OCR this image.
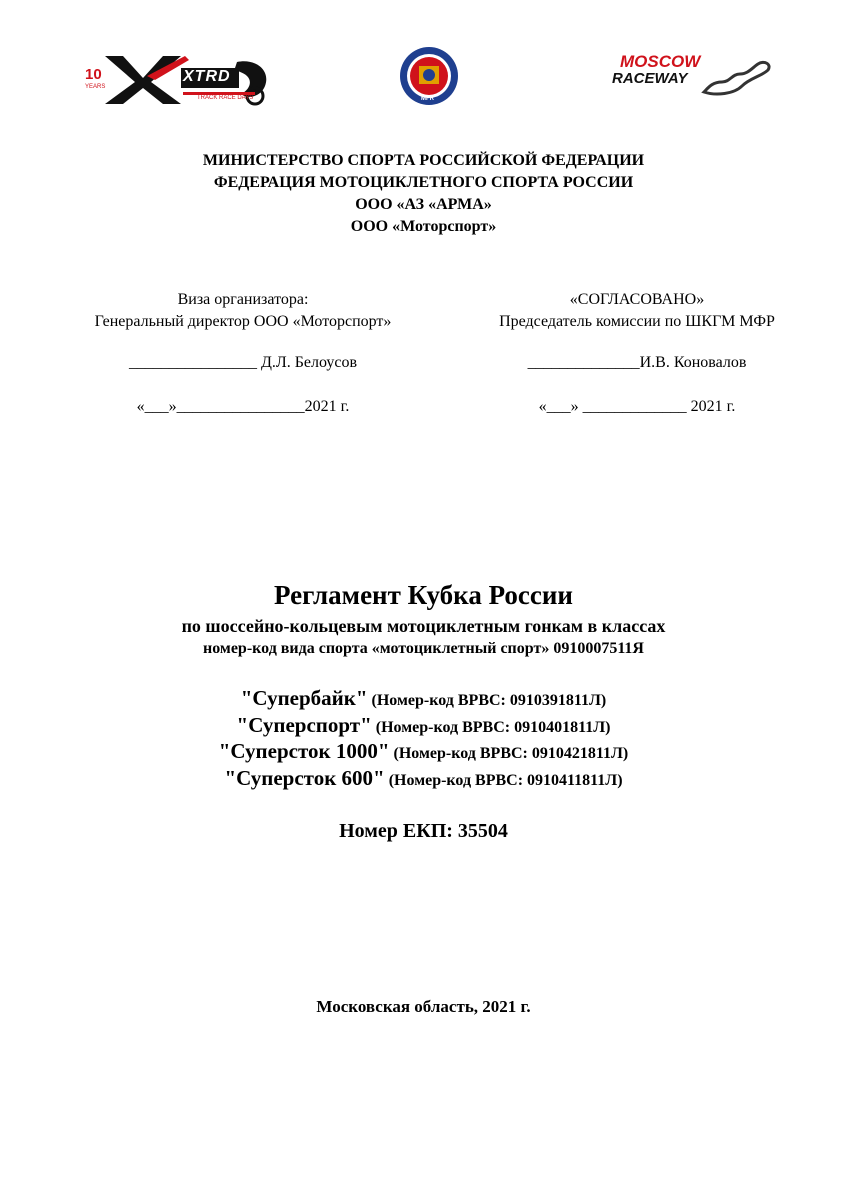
10
YEARS
XTRD
TRACK RACE DAYS	MFR
MOSCOW
RACEWAY
МИНИСТЕРСТВО СПОРТА РОССИЙСКОЙ ФЕДЕРАЦИИ
ФЕДЕРАЦИЯ МОТОЦИКЛЕТНОГО СПОРТА РОССИИ
ООО «АЗ «АРМА»
ООО «Моторспорт»
Виза организатора:
Генеральный директор ООО «Моторспорт»
________________ Д.Л. Белоусов
«___»________________2021 г.
«СОГЛАСОВАНО»
Председатель комиссии по ШКГМ МФР
______________И.В. Коновалов
«___» _____________ 2021 г.
Регламент Кубка России
по шоссейно-кольцевым мотоциклетным гонкам в классах
номер-код вида спорта «мотоциклетный спорт» 0910007511Я
"Супербайк" (Номер-код ВРВС: 0910391811Л)
"Суперспорт" (Номер-код ВРВС: 0910401811Л)
"Суперсток 1000" (Номер-код ВРВС: 0910421811Л)
"Суперсток 600" (Номер-код ВРВС: 0910411811Л)
Номер ЕКП: 35504
Московская область, 2021 г.
